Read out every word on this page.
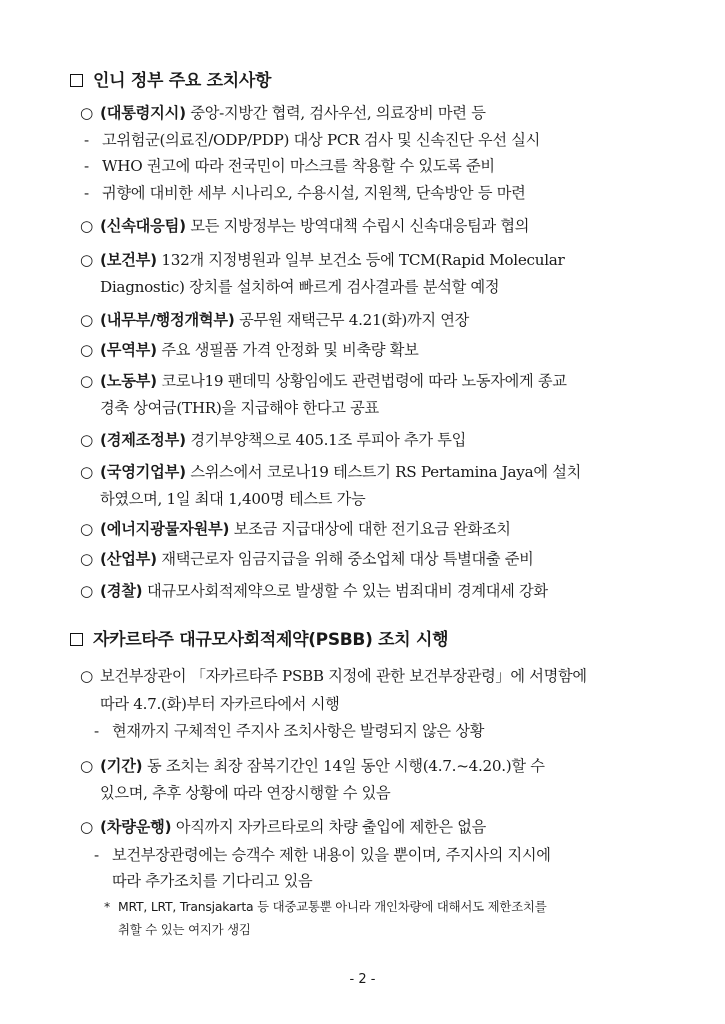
인니 정부 주요 조치사항
○ (대통령지시) 중앙-지방간 협력, 검사우선, 의료장비 마련 등
- 고위험군(의료진/ODP/PDP) 대상 PCR 검사 및 신속진단 우선 실시
- WHO 권고에 따라 전국민이 마스크를 착용할 수 있도록 준비
- 귀향에 대비한 세부 시나리오, 수용시설, 지원책, 단속방안 등 마련
○ (신속대응팀) 모든 지방정부는 방역대책 수립시 신속대응팀과 협의
○ (보건부) 132개 지정병원과 일부 보건소 등에 TCM(Rapid Molecular
Diagnostic) 장치를 설치하여 빠르게 검사결과를 분석할 예정
○ (내무부/행정개혁부) 공무원 재택근무 4.21(화)까지 연장
○ (무역부) 주요 생필품 가격 안정화 및 비축량 확보
○ (노동부) 코로나19 팬데믹 상황임에도 관련법령에 따라 노동자에게 종교
경축 상여금(THR)을 지급해야 한다고 공표
○ (경제조정부) 경기부양책으로 405.1조 루피아 추가 투입
○ (국영기업부) 스위스에서 코로나19 테스트기 RS Pertamina Jaya에 설치
하였으며, 1일 최대 1,400명 테스트 가능
○ (에너지광물자원부) 보조금 지급대상에 대한 전기요금 완화조치
○ (산업부) 재택근로자 임금지급을 위해 중소업체 대상 특별대출 준비
○ (경찰) 대규모사회적제약으로 발생할 수 있는 범죄대비 경계대세 강화
자카르타주 대규모사회적제약(PSBB) 조치 시행
○ 보건부장관이 「자카르타주 PSBB 지정에 관한 보건부장관령」에 서명함에
따라 4.7.(화)부터 자카르타에서 시행
- 현재까지 구체적인 주지사 조치사항은 발령되지 않은 상황
○ (기간) 동 조치는 최장 잠복기간인 14일 동안 시행(4.7.~4.20.)할 수
있으며, 추후 상황에 따라 연장시행할 수 있음
○ (차량운행) 아직까지 자카르타로의 차량 출입에 제한은 없음
- 보건부장관령에는 승객수 제한 내용이 있을 뿐이며, 주지사의 지시에
따라 추가조치를 기다리고 있음
* MRT, LRT, Transjakarta 등 대중교통뿐 아니라 개인차량에 대해서도 제한조치를
취할 수 있는 여지가 생김
- 2 -
